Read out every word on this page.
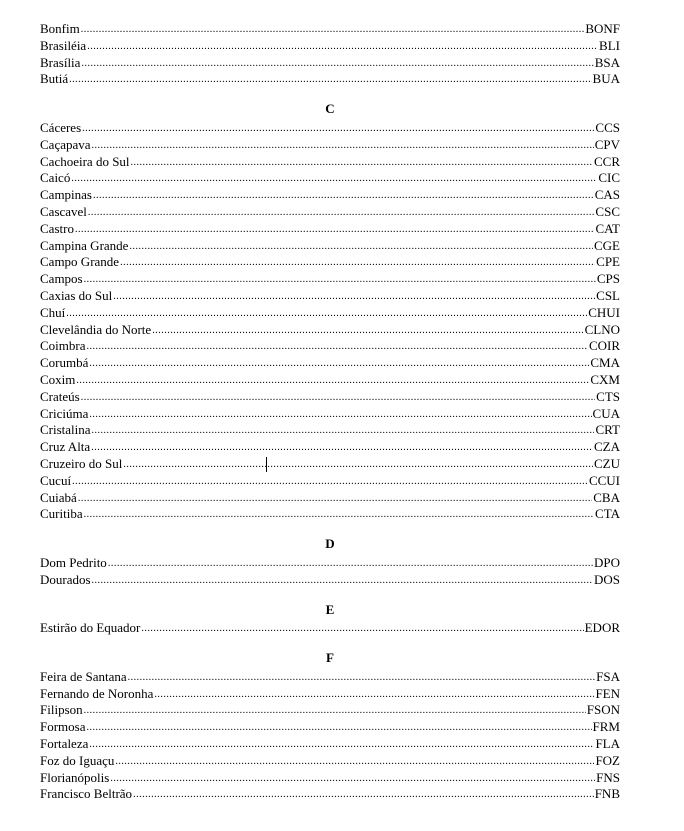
Bonfim .....	BONF
Brasiléia .....	BLI
Brasília .....	BSA
Butiá .....	BUA
C
Cáceres .....	CCS
Caçapava .....	CPV
Cachoeira do Sul .....	CCR
Caicó .....	CIC
Campinas .....	CAS
Cascavel .....	CSC
Castro .....	CAT
Campina Grande .....	CGE
Campo Grande .....	CPE
Campos .....	CPS
Caxias do Sul .....	CSL
Chuí .....	CHUI
Clevelândia do Norte .....	CLNO
Coimbra .....	COIR
Corumbá .....	CMA
Coxim .....	CXM
Crateús .....	CTS
Criciúma .....	CUA
Cristalina .....	CRT
Cruz Alta .....	CZA
Cruzeiro do Sul .....	CZU
Cucuí .....	CCUI
Cuiabá .....	CBA
Curitiba .....	CTA
D
Dom Pedrito .....	DPO
Dourados .....	DOS
E
Estirão do Equador .....	EDOR
F
Feira de Santana .....	FSA
Fernando de Noronha .....	FEN
Filipson .....	FSON
Formosa .....	FRM
Fortaleza .....	FLA
Foz do Iguaçu .....	FOZ
Florianópolis .....	FNS
Francisco Beltrão .....	FNB
